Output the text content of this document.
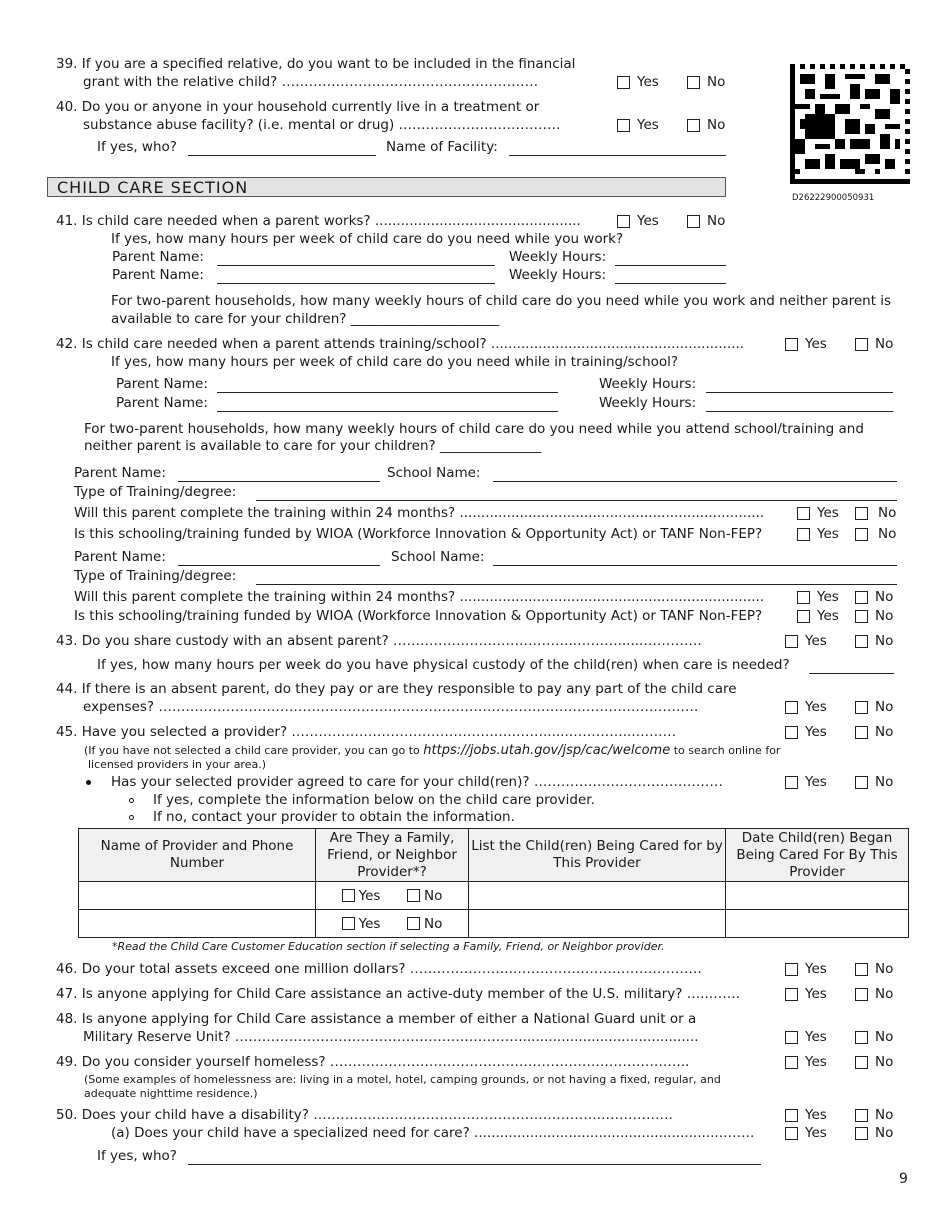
39. If you are a specified relative, do you want to be included in the financial
grant with the relative child? …………………………………………………	Yes	No
40. Do you or anyone in your household currently live in a treatment or
substance abuse facility? (i.e. mental or drug) ………………………………	Yes	No
If yes, who?	Name of Facility:
D26222900050931
CHILD CARE SECTION
41. Is child care needed when a parent works? ................................................	Yes	No
If yes, how many hours per week of child care do you need while you work?
Parent Name:	Weekly Hours:
Parent Name:	Weekly Hours:
For two-parent households, how many weekly hours of child care do you need while you work and neither parent is
available to care for your children? ______________________
42. Is child care needed when a parent attends training/school? ...........................................................	Yes	No
If yes, how many hours per week of child care do you need while in training/school?
Parent Name:	Weekly Hours:
Parent Name:	Weekly Hours:
For two-parent households, how many weekly hours of child care do you need while you attend school/training and
neither parent is available to care for your children? _______________
Parent Name:	School Name:
Type of Training/degree:
Will this parent complete the training within 24 months? .......................................................................	Yes	No
Is this schooling/training funded by WIOA (Workforce Innovation & Opportunity Act) or TANF Non-FEP?	Yes	No
Parent Name:	School Name:
Type of Training/degree:
Will this parent complete the training within 24 months? .......................................................................	Yes	No
Is this schooling/training funded by WIOA (Workforce Innovation & Opportunity Act) or TANF Non-FEP?	Yes	No
43. Do you share custody with an absent parent? …………………………………..………......………….	Yes	No
If yes, how many hours per week do you have physical custody of the child(ren) when care is needed?
44. If there is an absent parent, do they pay or are they responsible to pay any part of the child care
expenses? …………………………………………………………………………………………………………	Yes	No
45. Have you selected a provider? ……………………………………….….……......…………...………	Yes	No
(If you have not selected a child care provider, you can go to https://jobs.utah.gov/jsp/cac/welcome to search online for
licensed providers in your area.)
Has your selected provider agreed to care for your child(ren)? ……………………………………	Yes	No
If yes, complete the information below on the child care provider.
If no, contact your provider to obtain the information.
Name of Provider and Phone Number	Are They a Family, Friend, or Neighbor Provider*?	List the Child(ren) Being Cared for by This Provider	Date Child(ren) Began Being Cared For By This Provider
	Yes No		
	Yes No		
*Read the Child Care Customer Education section if selecting a Family, Friend, or Neighbor provider.
46. Do your total assets exceed one million dollars? …………………..……………………………………	Yes	No
47. Is anyone applying for Child Care assistance an active-duty member of the U.S. military? …..…….	Yes	No
48. Is anyone applying for Child Care assistance a member of either a National Guard unit or a
Military Reserve Unit? ………………………………………………………..........................................	Yes	No
49. Do you consider yourself homeless? ……………………………………………………………………..	Yes	No
(Some examples of homelessness are: living in a motel, hotel, camping grounds, or not having a fixed, regular, and
adequate nighttime residence.)
50. Does your child have a disability? ……………………………………………………….…………….	Yes	No
(a) Does your child have a specialized need for care? .........................................................……..	Yes	No
If yes, who?
9
